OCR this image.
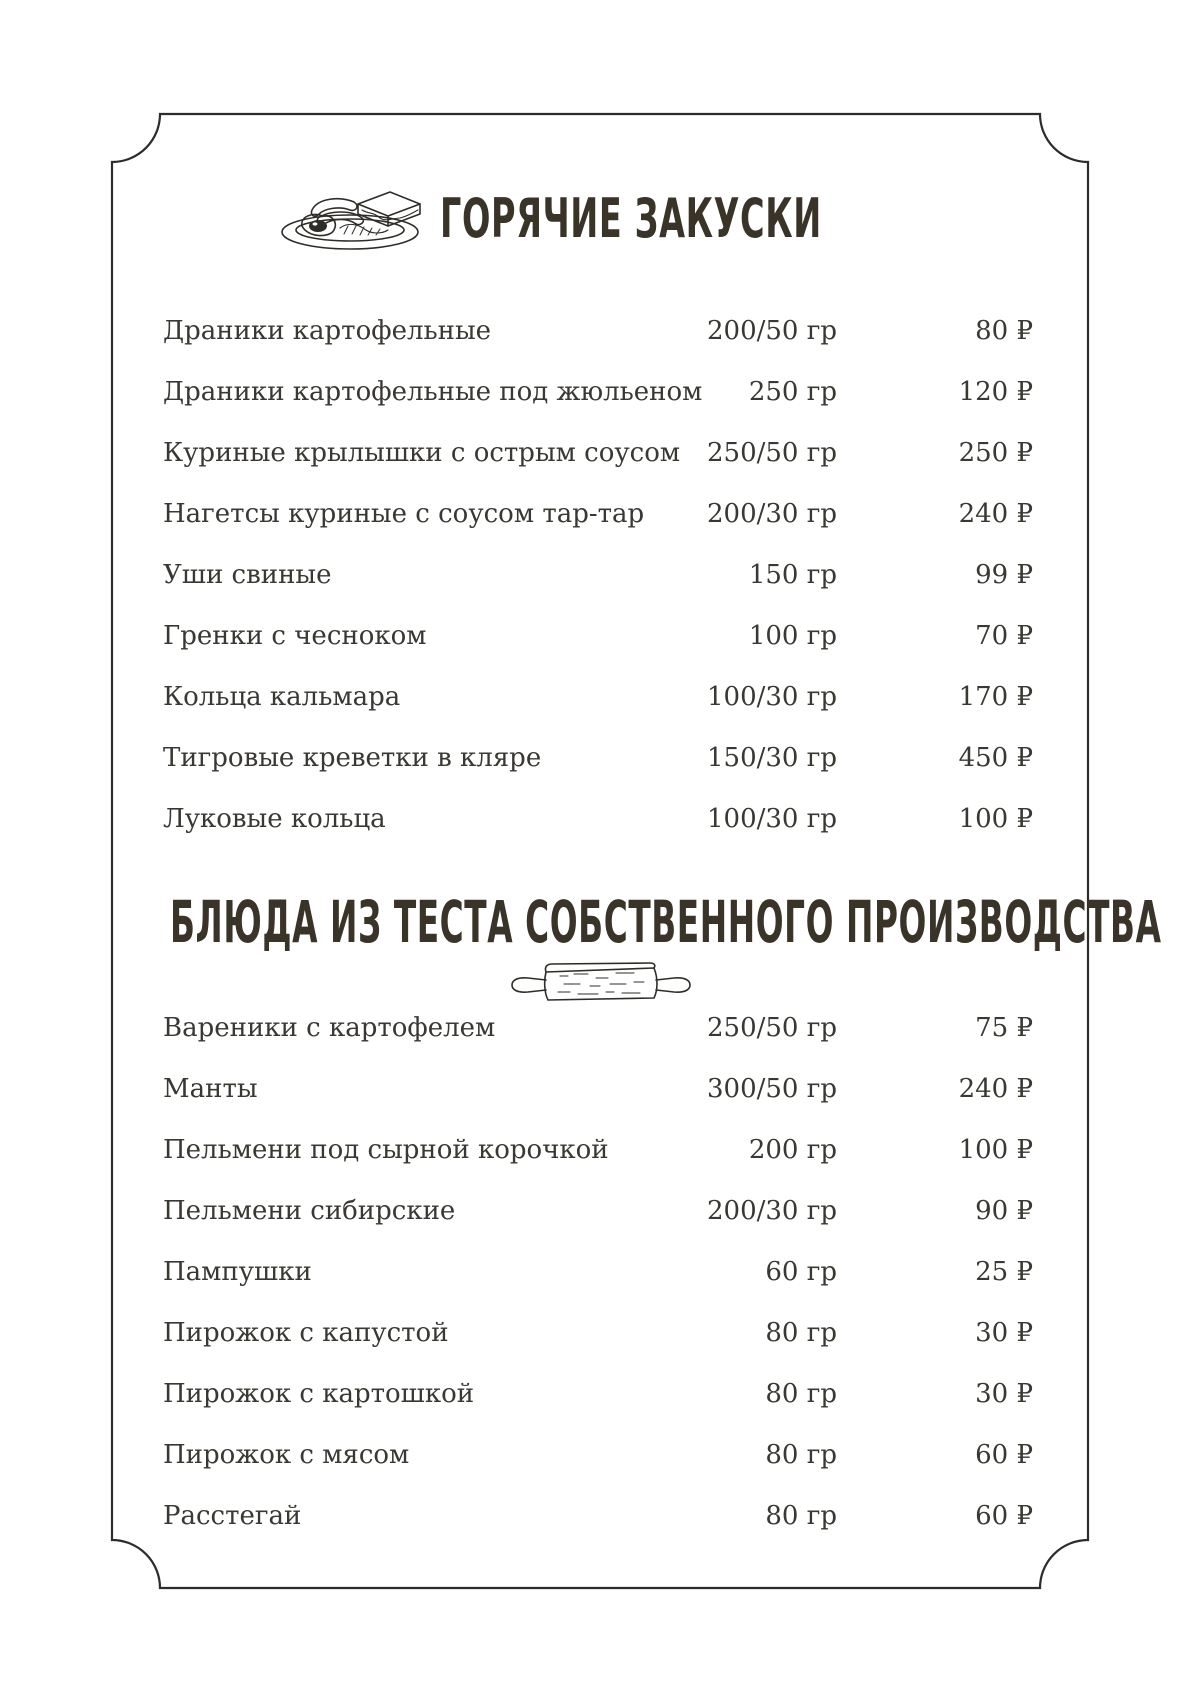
ГОРЯЧИЕ ЗАКУСКИ
Драники картофельные	200/50 гр	80 ₽
Драники картофельные под жюльеном 250 гр	120 ₽
Куриные крылышки с острым соусом 250/50 гр	250 ₽
Нагетсы куриные с соусом тар-тар 200/30 гр	240 ₽
Уши свиные	150 гр	99 ₽
Гренки с чесноком	100 гр	70 ₽
Кольца кальмара	100/30 гр	170 ₽
Тигровые креветки в кляре	150/30 гр	450 ₽
Луковые кольца	100/30 гр	100 ₽
БЛЮДА ИЗ ТЕСТА СОБСТВЕННОГО ПРОИЗВОДСТВА
Вареники с картофелем	250/50 гр	75 ₽
Манты	300/50 гр	240 ₽
Пельмени под сырной корочкой	200 гр	100 ₽
Пельмени сибирские	200/30 гр	90 ₽
Пампушки	60 гр	25 ₽
Пирожок с капустой	80 гр	30 ₽
Пирожок с картошкой	80 гр	30 ₽
Пирожок с мясом	80 гр	60 ₽
Расстегай	80 гр	60 ₽
